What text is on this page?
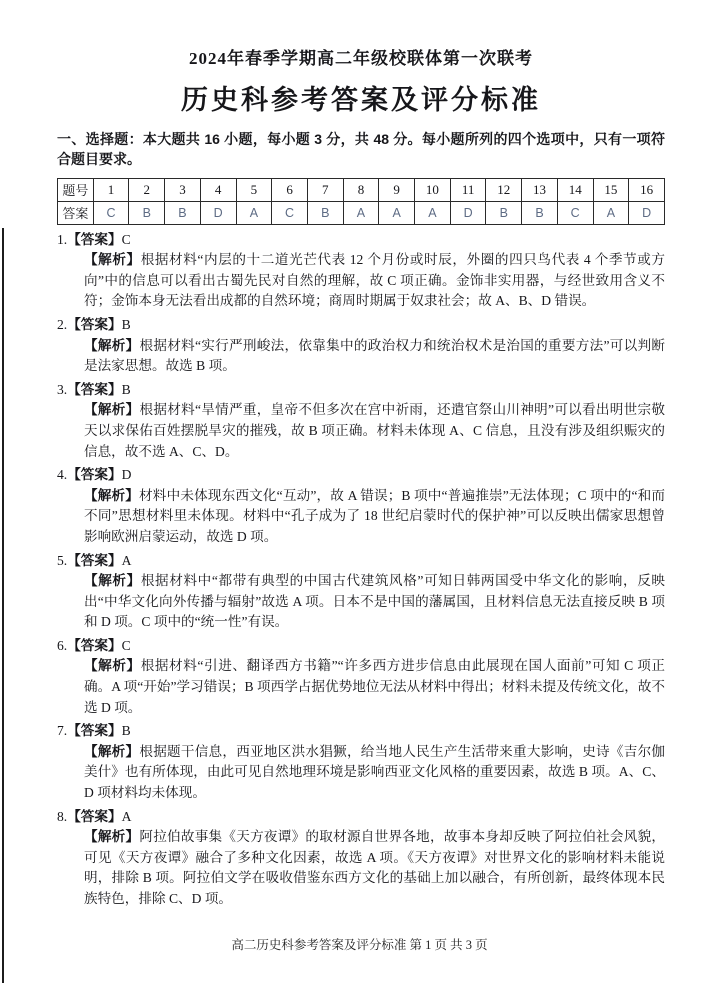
2024年春季学期高二年级校联体第一次联考
历史科参考答案及评分标准
一、选择题：本大题共 16 小题，每小题 3 分，共 48 分。每小题所列的四个选项中，只有一项符合题目要求。
题号	1	2	3	4	5	6	7	8	9	10	11	12	13	14	15	16
答案	C	B	B	D	A	C	B	A	A	A	D	B	B	C	A	D
1.【答案】C
【解析】根据材料“内层的十二道光芒代表 12 个月份或时辰，外圈的四只鸟代表 4 个季节或方向”中的信息可以看出古蜀先民对自然的理解，故 C 项正确。金饰非实用器，与经世致用含义不符；金饰本身无法看出成都的自然环境；商周时期属于奴隶社会；故 A、B、D 错误。
2.【答案】B
【解析】根据材料“实行严刑峻法，依靠集中的政治权力和统治权术是治国的重要方法”可以判断是法家思想。故选 B 项。
3.【答案】B
【解析】根据材料“旱情严重，皇帝不但多次在宫中祈雨，还遣官祭山川神明”可以看出明世宗敬天以求保佑百姓摆脱旱灾的摧残，故 B 项正确。材料未体现 A、C 信息，且没有涉及组织赈灾的信息，故不选 A、C、D。
4.【答案】D
【解析】材料中未体现东西文化“互动”，故 A 错误；B 项中“普遍推崇”无法体现；C 项中的“和而不同”思想材料里未体现。材料中“孔子成为了 18 世纪启蒙时代的保护神”可以反映出儒家思想曾影响欧洲启蒙运动，故选 D 项。
5.【答案】A
【解析】根据材料中“都带有典型的中国古代建筑风格”可知日韩两国受中华文化的影响，反映出“中华文化向外传播与辐射”故选 A 项。日本不是中国的藩属国，且材料信息无法直接反映 B 项和 D 项。C 项中的“统一性”有误。
6.【答案】C
【解析】根据材料“引进、翻译西方书籍”“许多西方进步信息由此展现在国人面前”可知 C 项正确。A 项“开始”学习错误；B 项西学占据优势地位无法从材料中得出；材料未提及传统文化，故不选 D 项。
7.【答案】B
【解析】根据题干信息，西亚地区洪水猖獗，给当地人民生产生活带来重大影响，史诗《吉尔伽美什》也有所体现，由此可见自然地理环境是影响西亚文化风格的重要因素，故选 B 项。A、C、D 项材料均未体现。
8.【答案】A
【解析】阿拉伯故事集《天方夜谭》的取材源自世界各地，故事本身却反映了阿拉伯社会风貌，可见《天方夜谭》融合了多种文化因素，故选 A 项。《天方夜谭》对世界文化的影响材料未能说明，排除 B 项。阿拉伯文学在吸收借鉴东西方文化的基础上加以融合，有所创新，最终体现本民族特色，排除 C、D 项。
高二历史科参考答案及评分标准 第 1 页 共 3 页
